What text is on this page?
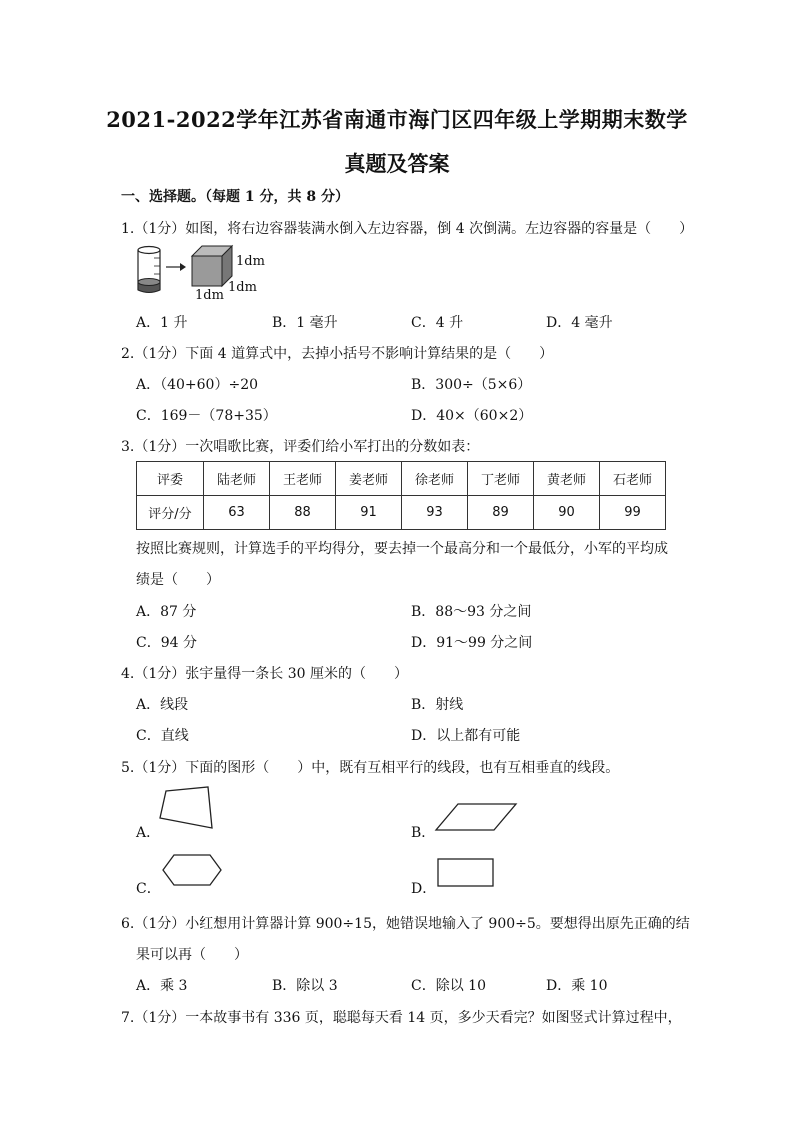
2021-2022学年江苏省南通市海门区四年级上学期期末数学
真题及答案
一、选择题。（每题 1 分，共 8 分）
1.（1分）如图，将右边容器装满水倒入左边容器，倒 4 次倒满。左边容器的容量是（　　）
1dm
1dm
1dm
A．1 升	B．1 毫升	C．4 升	D．4 毫升
2.（1分）下面 4 道算式中，去掉小括号不影响计算结果的是（　　）
A．（40+60）÷20	B．300÷（5×6）
C．169－（78+35）	D．40×（60×2）
3.（1分）一次唱歌比赛，评委们给小军打出的分数如表：
评委	陆老师	王老师	姜老师	徐老师	丁老师	黄老师	石老师
评分/分	63	88	91	93	89	90	99
按照比赛规则，计算选手的平均得分，要去掉一个最高分和一个最低分，小军的平均成
绩是（　　）
A．87 分	B．88～93 分之间
C．94 分	D．91～99 分之间
4.（1分）张宇量得一条长 30 厘米的（　　）
A．线段	B．射线
C．直线	D．以上都有可能
5.（1分）下面的图形（　　）中，既有互相平行的线段，也有互相垂直的线段。
A．	B．
C．	D．
6.（1分）小红想用计算器计算 900÷15，她错误地输入了 900÷5。要想得出原先正确的结
果可以再（　　）
A．乘 3	B．除以 3	C．除以 10	D．乘 10
7.（1分）一本故事书有 336 页，聪聪每天看 14 页，多少天看完？如图竖式计算过程中，
